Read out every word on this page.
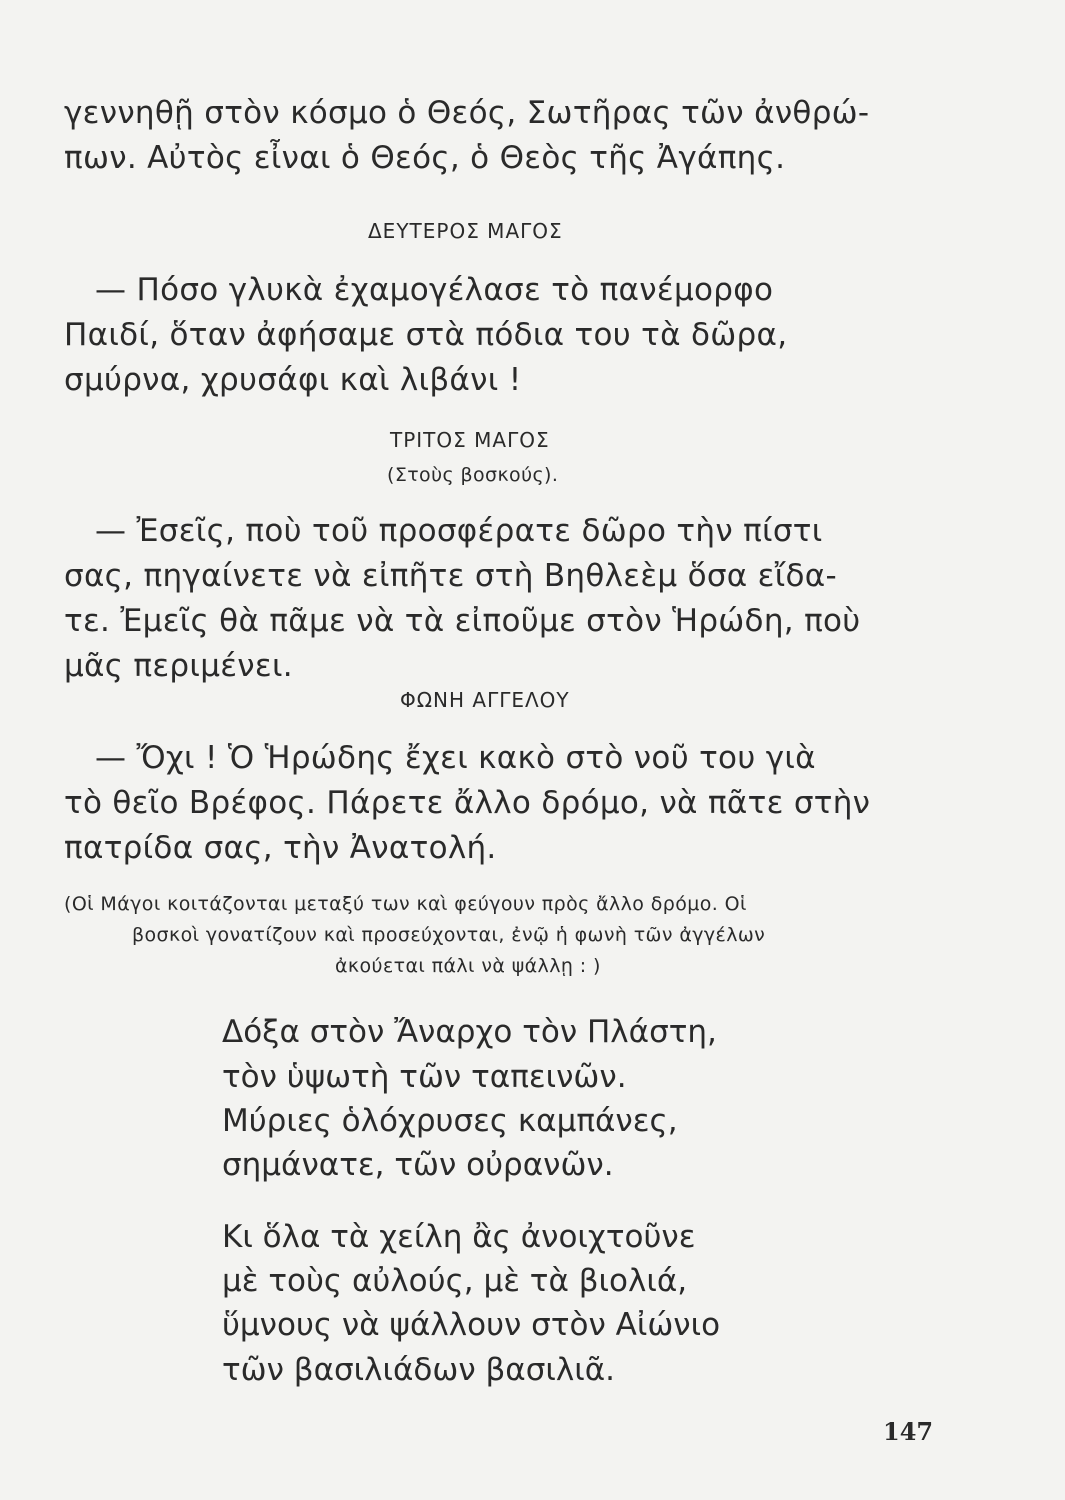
γεννηθῇ στὸν κόσμο ὁ Θεός, Σωτῆρας τῶν ἀνθρώ-
πων. Αὐτὸς εἶναι ὁ Θεός, ὁ Θεὸς τῆς Ἀγάπης.
ΔΕΥΤΕΡΟΣ ΜΑΓΟΣ
— Πόσο γλυκὰ ἐχαμογέλασε τὸ πανέμορφο
Παιδί, ὅταν ἀφήσαμε στὰ πόδια του τὰ δῶρα,
σμύρνα, χρυσάφι καὶ λιβάνι !
ΤΡΙΤΟΣ ΜΑΓΟΣ
(Στοὺς βοσκούς).
— Ἐσεῖς, ποὺ τοῦ προσφέρατε δῶρο τὴν πίστι
σας, πηγαίνετε νὰ εἰπῆτε στὴ Βηθλεὲμ ὅσα εἴδα-
τε. Ἐμεῖς θὰ πᾶμε νὰ τὰ εἰποῦμε στὸν Ἡρώδη, ποὺ
μᾶς περιμένει.
ΦΩΝΗ ΑΓΓΕΛΟΥ
— Ὄχι ! Ὁ Ἡρώδης ἔχει κακὸ στὸ νοῦ του γιὰ
τὸ θεῖο Βρέφος. Πάρετε ἄλλο δρόμο, νὰ πᾶτε στὴν
πατρίδα σας, τὴν Ἀνατολή.
(Οἱ Μάγοι κοιτάζονται μεταξύ των καὶ φεύγουν πρὸς ἄλλο δρόμο. Οἱ
βοσκοὶ γονατίζουν καὶ προσεύχονται, ἐνῷ ἡ φωνὴ τῶν ἀγγέλων
ἀκούεται πάλι νὰ ψάλλῃ : )
Δόξα στὸν Ἄναρχο τὸν Πλάστη,
τὸν ὑψωτὴ τῶν ταπεινῶν.
Μύριες ὁλόχρυσες καμπάνες,
σημάνατε, τῶν οὐρανῶν.
Κι ὅλα τὰ χείλη ἂς ἀνοιχτοῦνε
μὲ τοὺς αὐλούς, μὲ τὰ βιολιά,
ὕμνους νὰ ψάλλουν στὸν Αἰώνιο
τῶν βασιλιάδων βασιλιᾶ.
147
